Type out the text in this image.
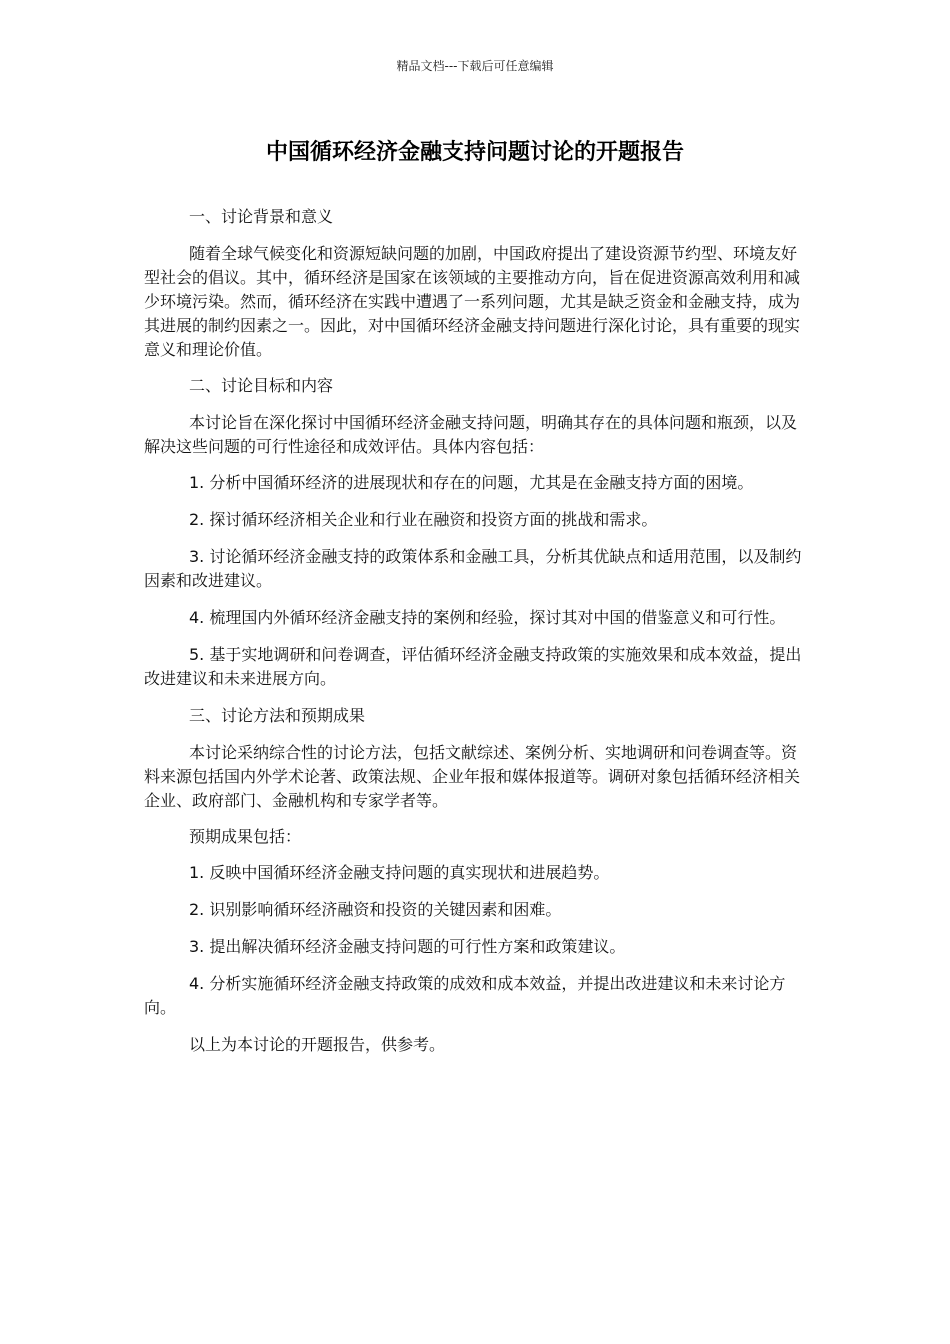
精品文档---下载后可任意编辑
中国循环经济金融支持问题讨论的开题报告

一、讨论背景和意义

随着全球气候变化和资源短缺问题的加剧，中国政府提出了建设资源节约型、环境友好型社会的倡议。其中，循环经济是国家在该领域的主要推动方向，旨在促进资源高效利用和减少环境污染。然而，循环经济在实践中遭遇了一系列问题，尤其是缺乏资金和金融支持，成为其进展的制约因素之一。因此，对中国循环经济金融支持问题进行深化讨论，具有重要的现实意义和理论价值。

二、讨论目标和内容

本讨论旨在深化探讨中国循环经济金融支持问题，明确其存在的具体问题和瓶颈，以及解决这些问题的可行性途径和成效评估。具体内容包括：

1. 分析中国循环经济的进展现状和存在的问题，尤其是在金融支持方面的困境。

2. 探讨循环经济相关企业和行业在融资和投资方面的挑战和需求。

3. 讨论循环经济金融支持的政策体系和金融工具，分析其优缺点和适用范围，以及制约因素和改进建议。

4. 梳理国内外循环经济金融支持的案例和经验，探讨其对中国的借鉴意义和可行性。

5. 基于实地调研和问卷调查，评估循环经济金融支持政策的实施效果和成本效益，提出改进建议和未来进展方向。

三、讨论方法和预期成果

本讨论采纳综合性的讨论方法，包括文献综述、案例分析、实地调研和问卷调查等。资料来源包括国内外学术论著、政策法规、企业年报和媒体报道等。调研对象包括循环经济相关企业、政府部门、金融机构和专家学者等。

预期成果包括：

1. 反映中国循环经济金融支持问题的真实现状和进展趋势。

2. 识别影响循环经济融资和投资的关键因素和困难。

3. 提出解决循环经济金融支持问题的可行性方案和政策建议。

4. 分析实施循环经济金融支持政策的成效和成本效益，并提出改进建议和未来讨论方向。

以上为本讨论的开题报告，供参考。
